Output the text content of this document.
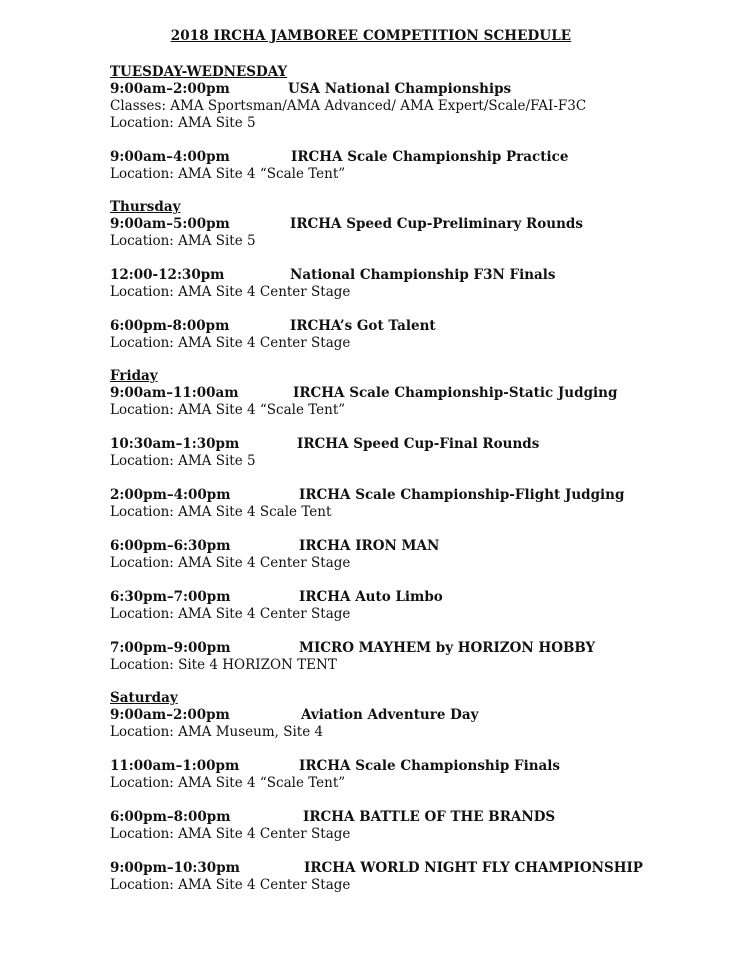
2018 IRCHA JAMBOREE COMPETITION SCHEDULE
TUESDAY-WEDNESDAY
9:00am–2:00pm	USA National Championships
Classes: AMA Sportsman/AMA Advanced/ AMA Expert/Scale/FAI-F3C
Location: AMA Site 5
9:00am–4:00pm	IRCHA Scale Championship Practice
Location: AMA Site 4 “Scale Tent”
Thursday
9:00am–5:00pm	IRCHA Speed Cup-Preliminary Rounds
Location: AMA Site 5
12:00-12:30pm	National Championship F3N Finals
Location: AMA Site 4 Center Stage
6:00pm-8:00pm	IRCHA’s Got Talent
Location: AMA Site 4 Center Stage
Friday
9:00am–11:00am	IRCHA Scale Championship-Static Judging
Location: AMA Site 4 “Scale Tent”
10:30am–1:30pm	IRCHA Speed Cup-Final Rounds
Location: AMA Site 5
2:00pm–4:00pm	IRCHA Scale Championship-Flight Judging
Location: AMA Site 4 Scale Tent
6:00pm–6:30pm	IRCHA IRON MAN
Location: AMA Site 4 Center Stage
6:30pm–7:00pm	IRCHA Auto Limbo
Location: AMA Site 4 Center Stage
7:00pm–9:00pm	MICRO MAYHEM by HORIZON HOBBY
Location: Site 4 HORIZON TENT
Saturday
9:00am–2:00pm	Aviation Adventure Day
Location: AMA Museum, Site 4
11:00am–1:00pm	IRCHA Scale Championship Finals
Location: AMA Site 4 “Scale Tent”
6:00pm–8:00pm	IRCHA BATTLE OF THE BRANDS
Location: AMA Site 4 Center Stage
9:00pm–10:30pm	IRCHA WORLD NIGHT FLY CHAMPIONSHIP
Location: AMA Site 4 Center Stage
